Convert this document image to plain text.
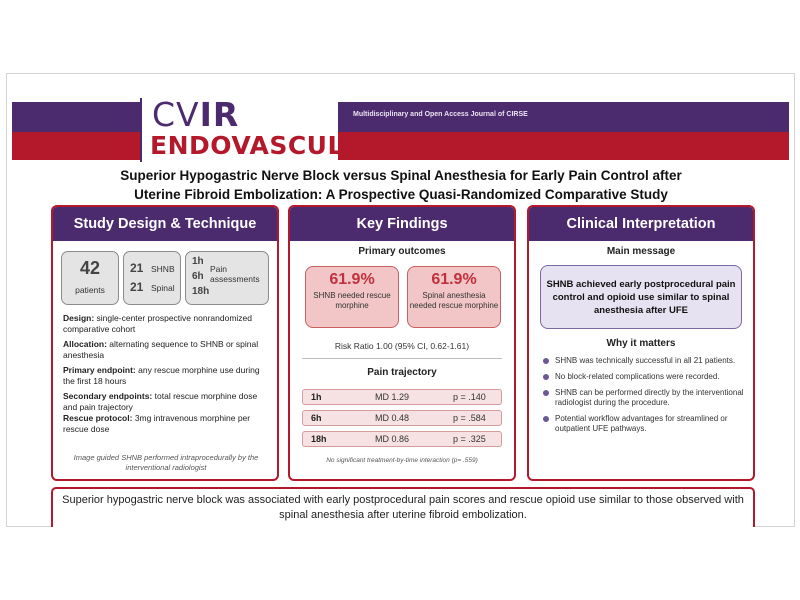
CVIR
ENDOVASCULAR
Multidisciplinary and Open Access Journal of CIRSE
Superior Hypogastric Nerve Block versus Spinal Anesthesia for Early Pain Control after
Uterine Fibroid Embolization: A Prospective Quasi-Randomized Comparative Study
Study Design & Technique
42
patients
21 SHNB
21 Spinal
1h
6h
18h
Pain
assessments

Design: single-center prospective nonrandomized comparative cohort

Allocation: alternating sequence to SHNB or spinal anesthesia

Primary endpoint: any rescue morphine use during the first 18 hours

Secondary endpoints: total rescue morphine dose and pain trajectory

Rescue protocol: 3mg intravenous morphine per rescue dose

Image guided SHNB performed intraprocedurally by the interventional radiologist
Key Findings
Primary outcomes
61.9%
SHNB needed rescue morphine
61.9%
Spinal anesthesia needed rescue morphine
Risk Ratio 1.00 (95% CI, 0.62-1.61)
Pain trajectory
1h	MD 1.29	p = .140
6h	MD 0.48	p = .584
18h	MD 0.86	p = .325
No significant treatment-by-time interaction (p= .559)
Clinical Interpretation
Main message
SHNB achieved early postprocedural pain control and opioid use similar to spinal anesthesia after UFE
Why it matters
SHNB was technically successful in all 21 patients.
No block-related complications were recorded.
SHNB can be performed directly by the interventional radiologist during the procedure.
Potential workflow advantages for streamlined or outpatient UFE pathways.
Superior hypogastric nerve block was associated with early postprocedural pain scores and rescue opioid use similar to those observed with spinal anesthesia after uterine fibroid embolization.
